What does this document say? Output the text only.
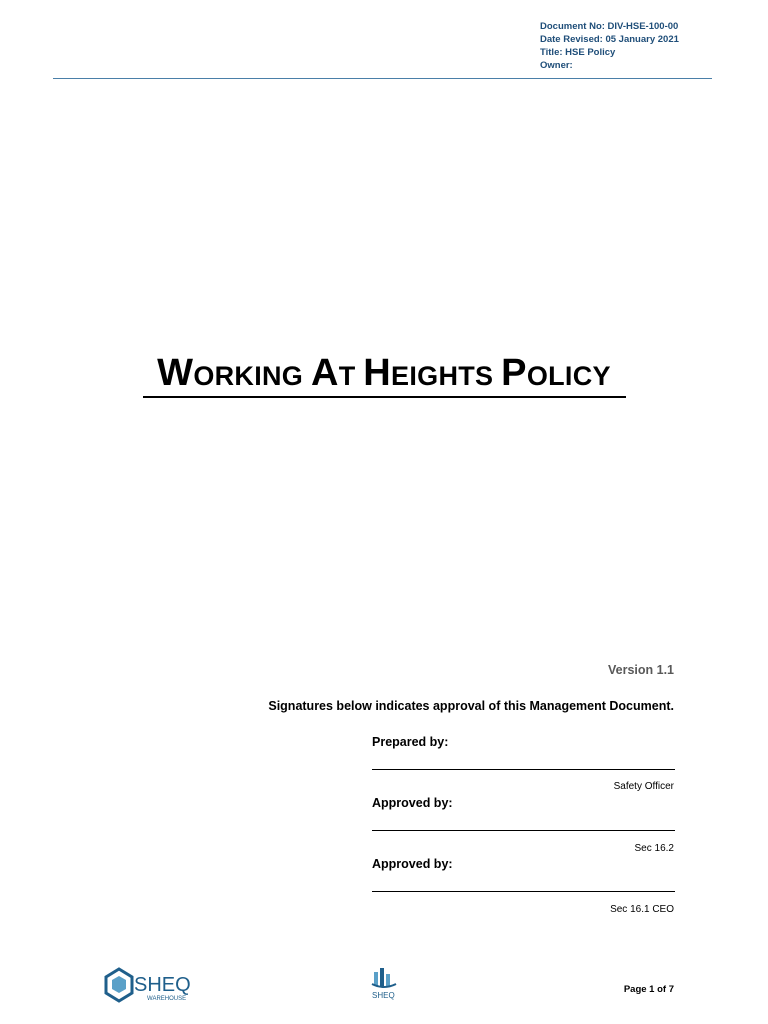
Document No: DIV-HSE-100-00
Date Revised: 05 January 2021
Title: HSE Policy
Owner:
WORKING AT HEIGHTS POLICY
Version 1.1
Signatures below indicates approval of this Management Document.
Prepared by:
Safety Officer
Approved by:
Sec 16.2
Approved by:
Sec 16.1 CEO
SHEQ
WAREHOUSE	SHEQ
Page 1 of 7
